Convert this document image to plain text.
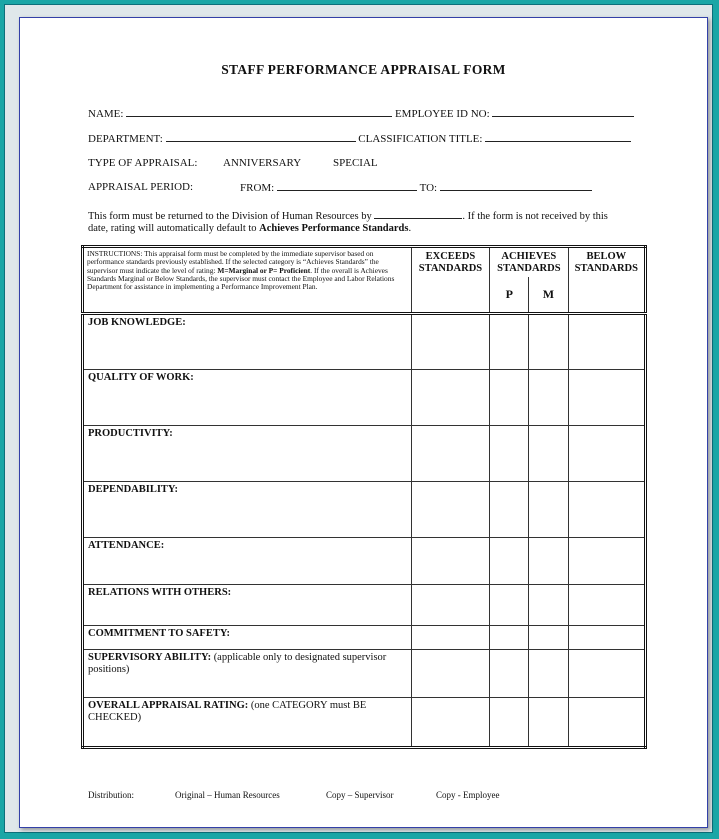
STAFF PERFORMANCE APPRAISAL FORM
NAME:	EMPLOYEE ID NO:
DEPARTMENT:	CLASSIFICATION TITLE:
TYPE OF APPRAISAL: ANNIVERSARY	SPECIAL
APPRAISAL PERIOD:	FROM:	TO:
This form must be returned to the Division of Human Resources by	. If the form is not received by this date, rating will automatically default to Achieves Performance Standards.
INSTRUCTIONS: This appraisal form must be completed by the immediate supervisor based on performance standards previously established. If the selected category is “Achieves Standards” the supervisor must indicate the level of rating: M=Marginal or P= Proficient. If the overall is Achieves Standards Marginal or Below Standards, the supervisor must contact the Employee and Labor Relations Department for assistance in implementing a Performance Improvement Plan.	EXCEEDS STANDARDS	ACHIEVES STANDARDS		BELOW STANDARDS
		P	M	
JOB KNOWLEDGE:				
QUALITY OF WORK:				
PRODUCTIVITY:				
DEPENDABILITY:				
ATTENDANCE:				
RELATIONS WITH OTHERS:				
COMMITMENT TO SAFETY:				
SUPERVISORY ABILITY: (applicable only to designated supervisor positions)				
OVERALL APPRAISAL RATING: (one CATEGORY must BE CHECKED)				
Distribution:	Original – Human Resources	Copy – Supervisor	Copy - Employee
